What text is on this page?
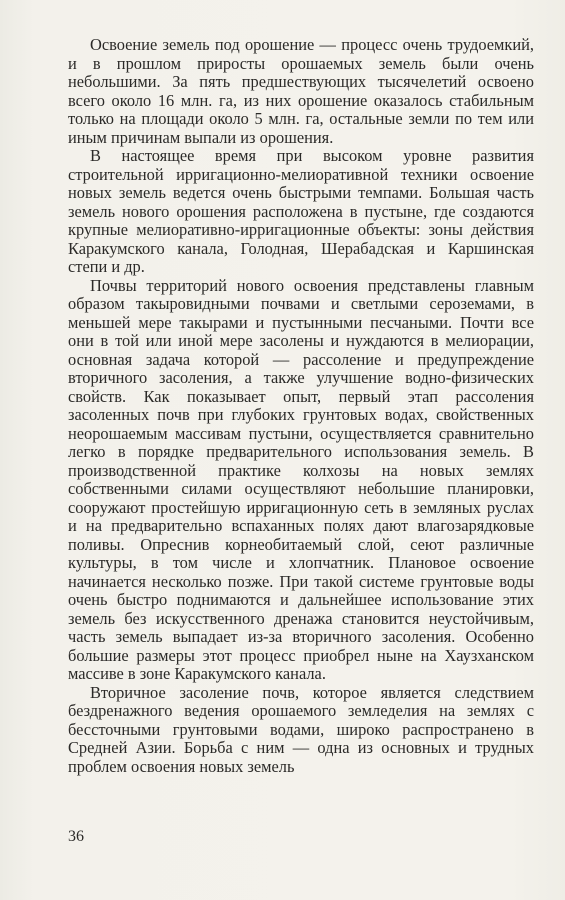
Освоение земель под орошение — процесс очень трудоемкий, и в прошлом приросты орошаемых земель были очень небольшими. За пять предшествующих тысячелетий освоено всего около 16 млн. га, из них орошение оказалось стабильным только на площади около 5 млн. га, остальные земли по тем или иным причинам выпали из орошения.

В настоящее время при высоком уровне развития строительной ирригационно-мелиоративной техники освоение новых земель ведется очень быстрыми темпами. Большая часть земель нового орошения расположена в пустыне, где создаются крупные мелиоративно-ирригационные объекты: зоны действия Каракумского канала, Голодная, Шерабадская и Каршинская степи и др.

Почвы территорий нового освоения представлены главным образом такыровидными почвами и светлыми сероземами, в меньшей мере такырами и пустынными песчаными. Почти все они в той или иной мере засолены и нуждаются в мелиорации, основная задача которой — рассоление и предупреждение вторичного засоления, а также улучшение водно-физических свойств. Как показывает опыт, первый этап рассоления засоленных почв при глубоких грунтовых водах, свойственных неорошаемым массивам пустыни, осуществляется сравнительно легко в порядке предварительного использования земель. В производственной практике колхозы на новых землях собственными силами осуществляют небольшие планировки, сооружают простейшую ирригационную сеть в земляных руслах и на предварительно вспаханных полях дают влагозарядковые поливы. Опреснив корнеобитаемый слой, сеют различные культуры, в том числе и хлопчатник. Плановое освоение начинается несколько позже. При такой системе грунтовые воды очень быстро поднимаются и дальнейшее использование этих земель без искусственного дренажа становится неустойчивым, часть земель выпадает из-за вторичного засоления. Особенно большие размеры этот процесс приобрел ныне на Хаузханском массиве в зоне Каракумского канала.

Вторичное засоление почв, которое является следствием бездренажного ведения орошаемого земледелия на землях с бессточными грунтовыми водами, широко распространено в Средней Азии. Борьба с ним — одна из основных и трудных проблем освоения новых земель

36
